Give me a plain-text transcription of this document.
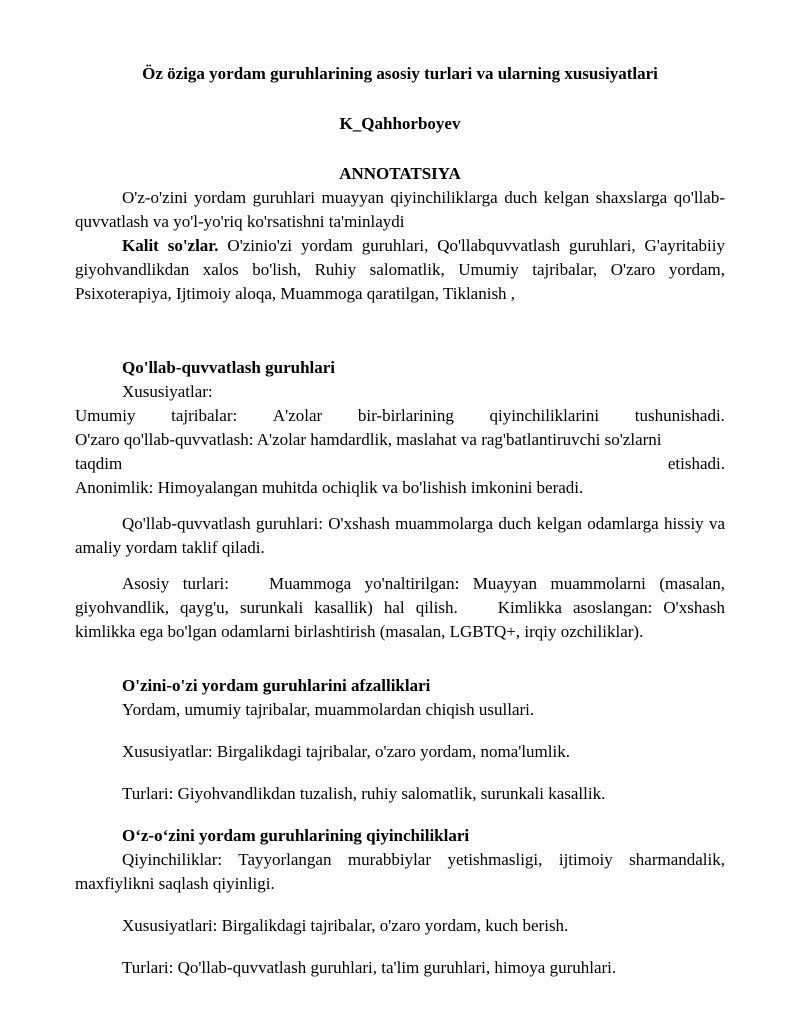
Öz öziga yordam guruhlarining asosiy turlari va ularning xususiyatlari

K_Qahhorboyev

ANNOTATSIYA

O'z-o'zini yordam guruhlari muayyan qiyinchiliklarga duch kelgan shaxslarga qo'llab-quvvatlash va yo'l-yo'riq ko'rsatishni ta'minlaydi

Kalit so'zlar. O'zinio'zi yordam guruhlari, Qo'llabquvvatlash guruhlari, G'ayritabiiy giyohvandlikdan xalos bo'lish, Ruhiy salomatlik, Umumiy tajribalar, O'zaro yordam, Psixoterapiya, Ijtimoiy aloqa, Muammoga qaratilgan, Tiklanish ,

Qo'llab-quvvatlash guruhlari

Xususiyatlar:

Umumiy tajribalar: A'zolar bir-birlarining qiyinchiliklarini tushunishadi.

O'zaro qo'llab-quvvatlash: A'zolar hamdardlik, maslahat va rag'batlantiruvchi so'zlarni

taqdim	etishadi.

Anonimlik: Himoyalangan muhitda ochiqlik va bo'lishish imkonini beradi.

Qo'llab-quvvatlash guruhlari: O'xshash muammolarga duch kelgan odamlarga hissiy va amaliy yordam taklif qiladi.

Asosiy turlari: Muammoga yo'naltirilgan: Muayyan muammolarni (masalan, giyohvandlik, qayg'u, surunkali kasallik) hal qilish. Kimlikka asoslangan: O'xshash kimlikka ega bo'lgan odamlarni birlashtirish (masalan, LGBTQ+, irqiy ozchiliklar).

O'zini-o'zi yordam guruhlarini afzalliklari

Yordam, umumiy tajribalar, muammolardan chiqish usullari.

Xususiyatlar: Birgalikdagi tajribalar, o'zaro yordam, noma'lumlik.

Turlari: Giyohvandlikdan tuzalish, ruhiy salomatlik, surunkali kasallik.

O‘z-o‘zini yordam guruhlarining qiyinchiliklari

Qiyinchiliklar: Tayyorlangan murabbiylar yetishmasligi, ijtimoiy sharmandalik, maxfiylikni saqlash qiyinligi.

Xususiyatlari: Birgalikdagi tajribalar, o'zaro yordam, kuch berish.

Turlari: Qo'llab-quvvatlash guruhlari, ta'lim guruhlari, himoya guruhlari.
